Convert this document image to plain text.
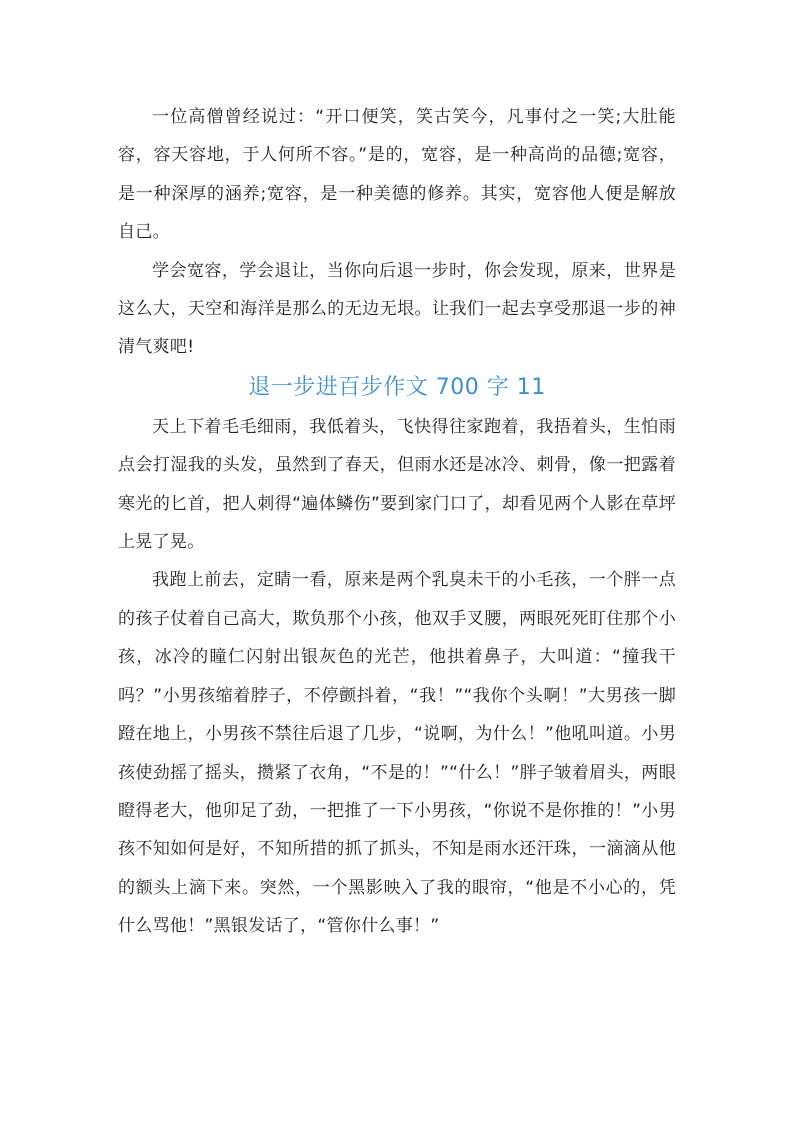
一位高僧曾经说过：“开口便笑，笑古笑今，凡事付之一笑;大肚能容，容天容地，于人何所不容。”是的，宽容，是一种高尚的品德;宽容，是一种深厚的涵养;宽容，是一种美德的修养。其实，宽容他人便是解放自己。

学会宽容，学会退让，当你向后退一步时，你会发现，原来，世界是这么大，天空和海洋是那么的无边无垠。让我们一起去享受那退一步的神清气爽吧!

退一步进百步作文 700 字 11

天上下着毛毛细雨，我低着头，飞快得往家跑着，我捂着头，生怕雨点会打湿我的头发，虽然到了春天，但雨水还是冰冷、刺骨，像一把露着寒光的匕首，把人刺得“遍体鳞伤”要到家门口了，却看见两个人影在草坪上晃了晃。

我跑上前去，定睛一看，原来是两个乳臭未干的小毛孩，一个胖一点的孩子仗着自己高大，欺负那个小孩，他双手叉腰，两眼死死盯住那个小孩，冰冷的瞳仁闪射出银灰色的光芒，他拱着鼻子，大叫道：“撞我干吗？”小男孩缩着脖子，不停颤抖着，“我！”“我你个头啊！”大男孩一脚蹬在地上，小男孩不禁往后退了几步，“说啊，为什么！”他吼叫道。小男孩使劲摇了摇头，攒紧了衣角，“不是的！”“什么！”胖子皱着眉头，两眼瞪得老大，他卯足了劲，一把推了一下小男孩，“你说不是你推的！”小男孩不知如何是好，不知所措的抓了抓头，不知是雨水还汗珠，一滴滴从他的额头上滴下来。突然，一个黑影映入了我的眼帘，“他是不小心的，凭什么骂他！”黑银发话了，“管你什么事！”
